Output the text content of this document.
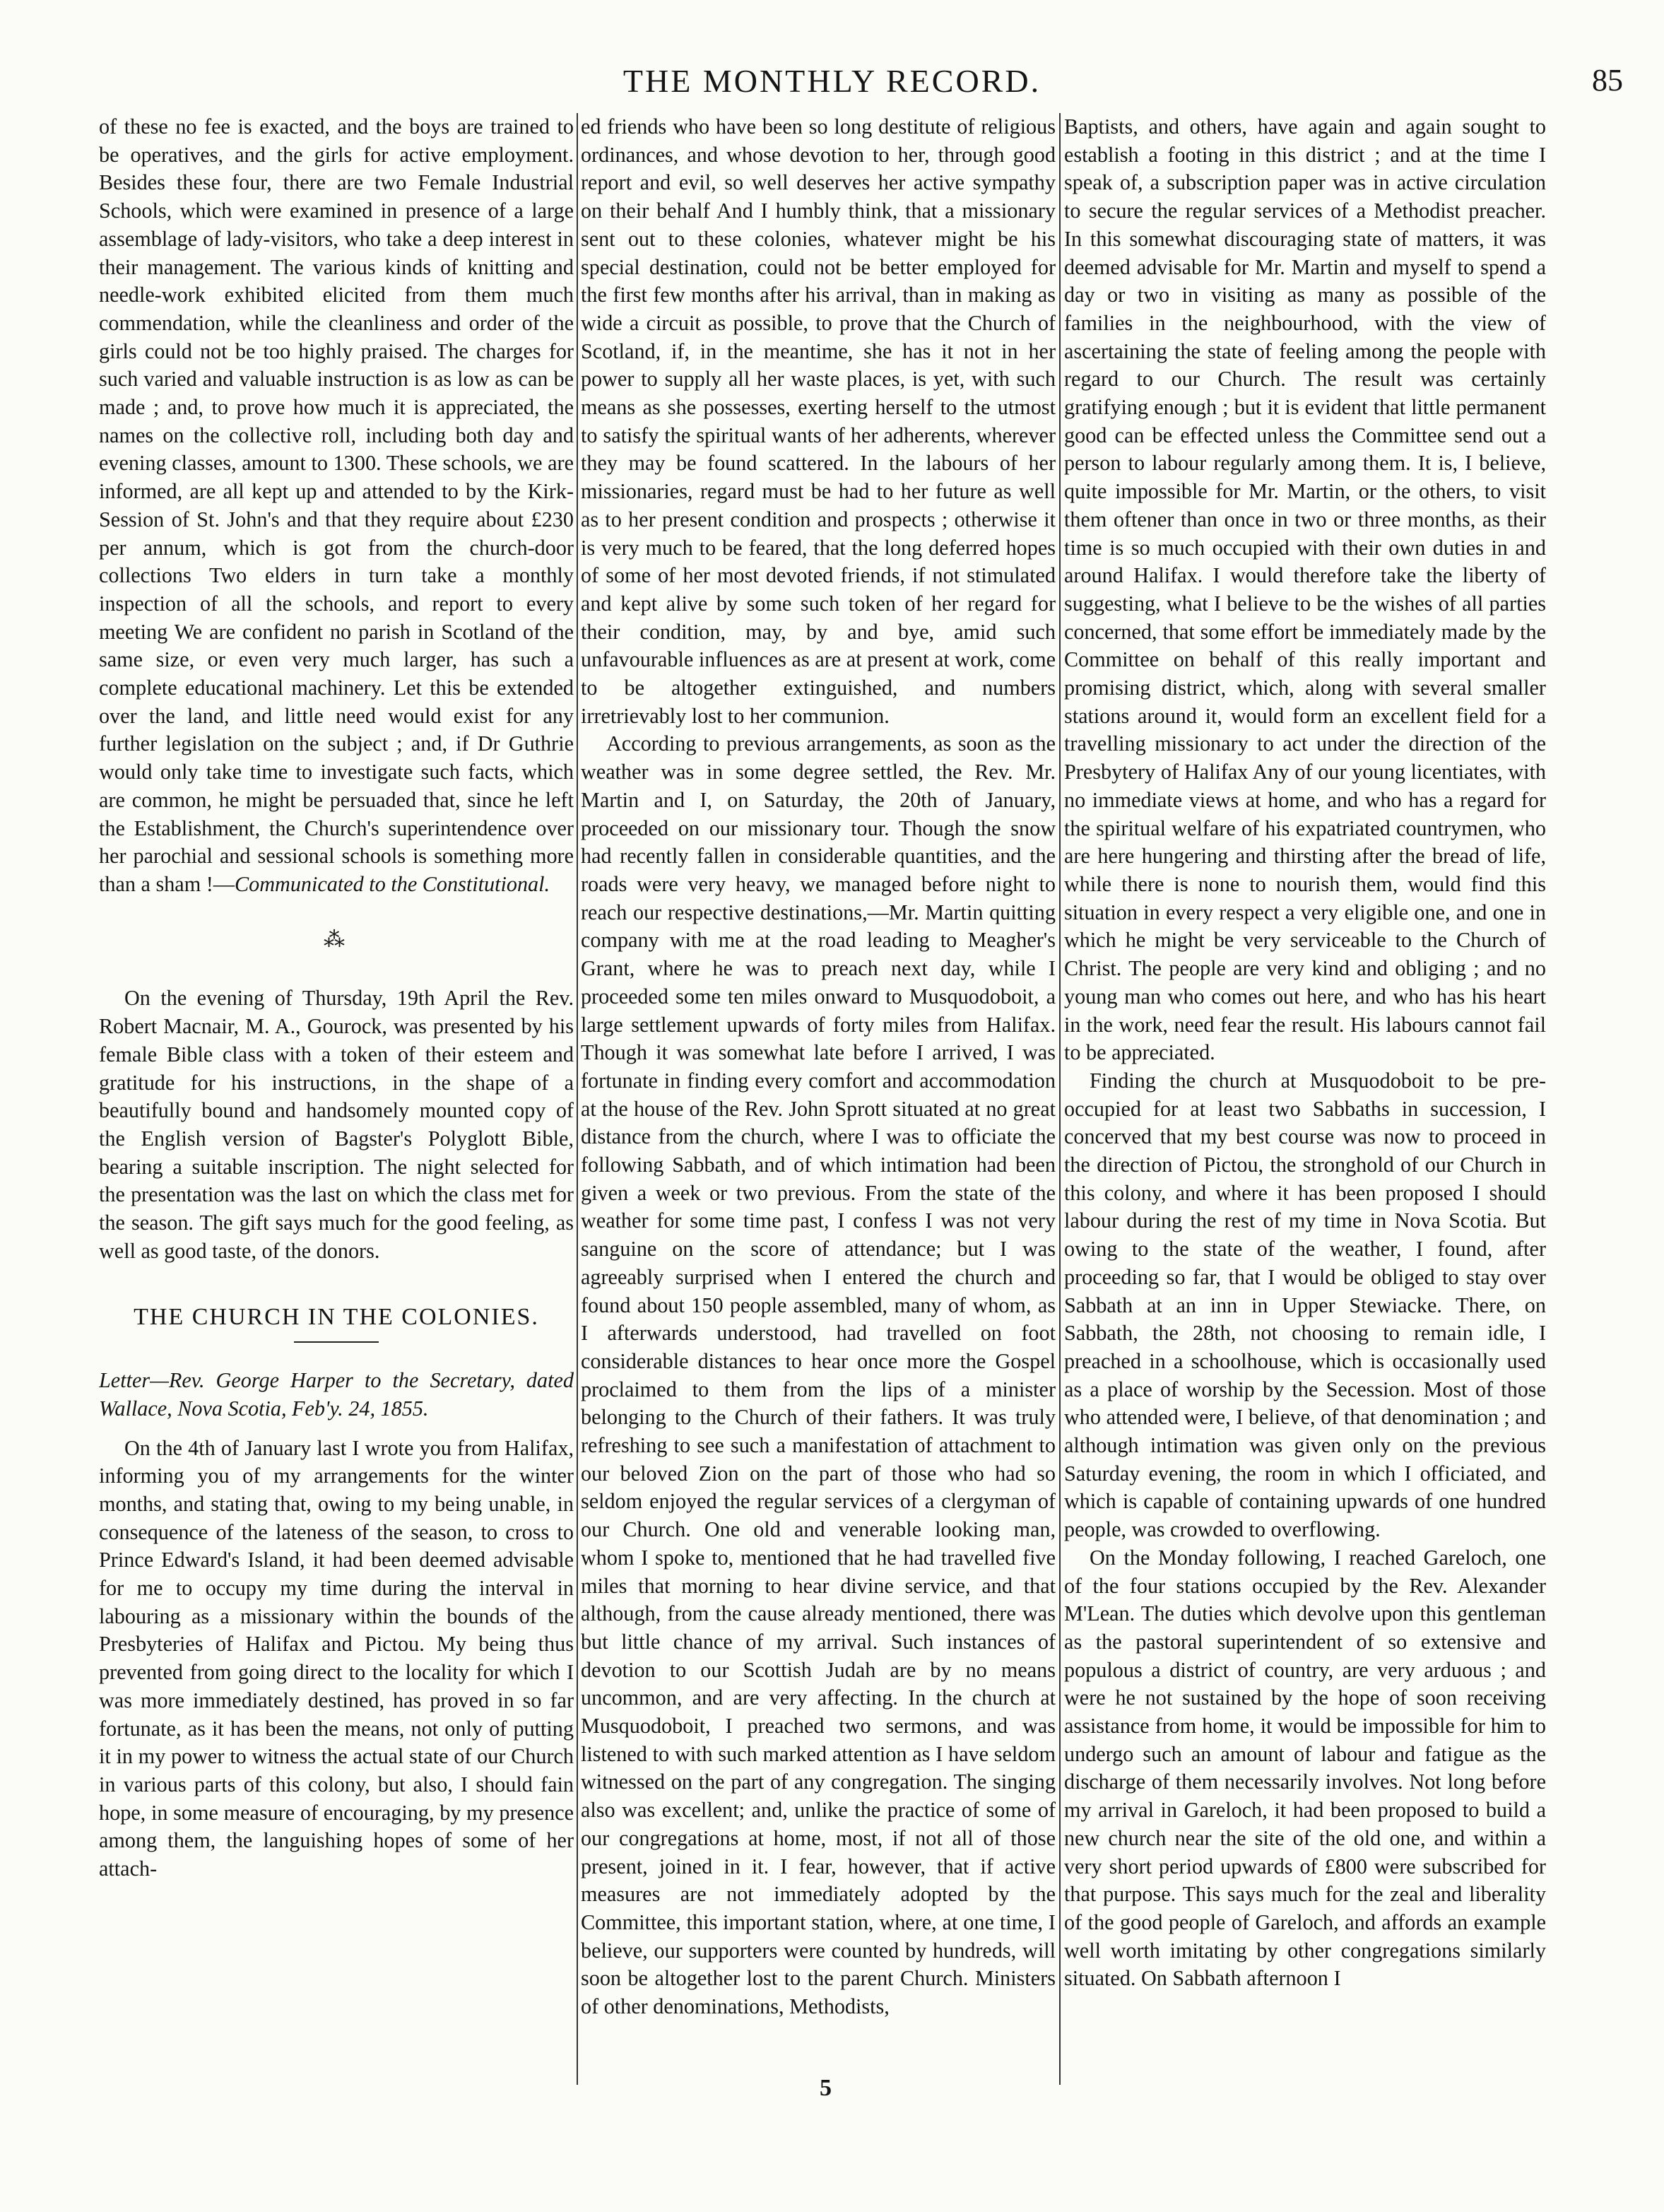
THE MONTHLY RECORD.	85

of these no fee is exacted, and the boys are trained to be operatives, and the girls for active employment. Besides these four, there are two Female Industrial Schools, which were examined in presence of a large assemblage of lady-visitors, who take a deep interest in their management. The various kinds of knitting and needle-work exhibited elicited from them much commendation, while the cleanliness and order of the girls could not be too highly praised. The charges for such varied and valuable instruction is as low as can be made ; and, to prove how much it is appreciated, the names on the collective roll, including both day and evening classes, amount to 1300. These schools, we are informed, are all kept up and attended to by the Kirk-Session of St. John's and that they require about £230 per annum, which is got from the church-door collections Two elders in turn take a monthly inspection of all the schools, and report to every meeting We are confident no parish in Scotland of the same size, or even very much larger, has such a complete educational machinery. Let this be extended over the land, and little need would exist for any further legislation on the subject ; and, if Dr Guthrie would only take time to investigate such facts, which are common, he might be persuaded that, since he left the Establishment, the Church's superintendence over her parochial and sessional schools is something more than a sham !—Communicated to the Constitutional.

⁂

On the evening of Thursday, 19th April the Rev. Robert Macnair, M. A., Gourock, was presented by his female Bible class with a token of their esteem and gratitude for his instructions, in the shape of a beautifully bound and handsomely mounted copy of the English version of Bagster's Polyglott Bible, bearing a suitable inscription. The night selected for the presentation was the last on which the class met for the season. The gift says much for the good feeling, as well as good taste, of the donors.

THE CHURCH IN THE COLONIES.

Letter—Rev. George Harper to the Secretary, dated Wallace, Nova Scotia, Feb'y. 24, 1855.

On the 4th of January last I wrote you from Halifax, informing you of my arrangements for the winter months, and stating that, owing to my being unable, in consequence of the lateness of the season, to cross to Prince Edward's Island, it had been deemed advisable for me to occupy my time during the interval in labouring as a missionary within the bounds of the Presbyteries of Halifax and Pictou. My being thus prevented from going direct to the locality for which I was more immediately destined, has proved in so far fortunate, as it has been the means, not only of putting it in my power to witness the actual state of our Church in various parts of this colony, but also, I should fain hope, in some measure of encouraging, by my presence among them, the languishing hopes of some of her attach-

ed friends who have been so long destitute of religious ordinances, and whose devotion to her, through good report and evil, so well deserves her active sympathy on their behalf And I humbly think, that a missionary sent out to these colonies, whatever might be his special destination, could not be better employed for the first few months after his arrival, than in making as wide a circuit as possible, to prove that the Church of Scotland, if, in the meantime, she has it not in her power to supply all her waste places, is yet, with such means as she possesses, exerting herself to the utmost to satisfy the spiritual wants of her adherents, wherever they may be found scattered. In the labours of her missionaries, regard must be had to her future as well as to her present condition and prospects ; otherwise it is very much to be feared, that the long deferred hopes of some of her most devoted friends, if not stimulated and kept alive by some such token of her regard for their condition, may, by and bye, amid such unfavourable influences as are at present at work, come to be altogether extinguished, and numbers irretrievably lost to her communion.

According to previous arrangements, as soon as the weather was in some degree settled, the Rev. Mr. Martin and I, on Saturday, the 20th of January, proceeded on our missionary tour. Though the snow had recently fallen in considerable quantities, and the roads were very heavy, we managed before night to reach our respective destinations,—Mr. Martin quitting company with me at the road leading to Meagher's Grant, where he was to preach next day, while I proceeded some ten miles onward to Musquodoboit, a large settlement upwards of forty miles from Halifax. Though it was somewhat late before I arrived, I was fortunate in finding every comfort and accommodation at the house of the Rev. John Sprott situated at no great distance from the church, where I was to officiate the following Sabbath, and of which intimation had been given a week or two previous. From the state of the weather for some time past, I confess I was not very sanguine on the score of attendance; but I was agreeably surprised when I entered the church and found about 150 people assembled, many of whom, as I afterwards understood, had travelled on foot considerable distances to hear once more the Gospel proclaimed to them from the lips of a minister belonging to the Church of their fathers. It was truly refreshing to see such a manifestation of attachment to our beloved Zion on the part of those who had so seldom enjoyed the regular services of a clergyman of our Church. One old and venerable looking man, whom I spoke to, mentioned that he had travelled five miles that morning to hear divine service, and that although, from the cause already mentioned, there was but little chance of my arrival. Such instances of devotion to our Scottish Judah are by no means uncommon, and are very affecting. In the church at Musquodoboit, I preached two sermons, and was listened to with such marked attention as I have seldom witnessed on the part of any congregation. The singing also was excellent; and, unlike the practice of some of our congregations at home, most, if not all of those present, joined in it. I fear, however, that if active measures are not immediately adopted by the Committee, this important station, where, at one time, I believe, our supporters were counted by hundreds, will soon be altogether lost to the parent Church. Ministers of other denominations, Methodists,

Baptists, and others, have again and again sought to establish a footing in this district ; and at the time I speak of, a subscription paper was in active circulation to secure the regular services of a Methodist preacher. In this somewhat discouraging state of matters, it was deemed advisable for Mr. Martin and myself to spend a day or two in visiting as many as possible of the families in the neighbourhood, with the view of ascertaining the state of feeling among the people with regard to our Church. The result was certainly gratifying enough ; but it is evident that little permanent good can be effected unless the Committee send out a person to labour regularly among them. It is, I believe, quite impossible for Mr. Martin, or the others, to visit them oftener than once in two or three months, as their time is so much occupied with their own duties in and around Halifax. I would therefore take the liberty of suggesting, what I believe to be the wishes of all parties concerned, that some effort be immediately made by the Committee on behalf of this really important and promising district, which, along with several smaller stations around it, would form an excellent field for a travelling missionary to act under the direction of the Presbytery of Halifax Any of our young licentiates, with no immediate views at home, and who has a regard for the spiritual welfare of his expatriated countrymen, who are here hungering and thirsting after the bread of life, while there is none to nourish them, would find this situation in every respect a very eligible one, and one in which he might be very serviceable to the Church of Christ. The people are very kind and obliging ; and no young man who comes out here, and who has his heart in the work, need fear the result. His labours cannot fail to be appreciated.

Finding the church at Musquodoboit to be pre-occupied for at least two Sabbaths in succession, I concerved that my best course was now to proceed in the direction of Pictou, the stronghold of our Church in this colony, and where it has been proposed I should labour during the rest of my time in Nova Scotia. But owing to the state of the weather, I found, after proceeding so far, that I would be obliged to stay over Sabbath at an inn in Upper Stewiacke. There, on Sabbath, the 28th, not choosing to remain idle, I preached in a schoolhouse, which is occasionally used as a place of worship by the Secession. Most of those who attended were, I believe, of that denomination ; and although intimation was given only on the previous Saturday evening, the room in which I officiated, and which is capable of containing upwards of one hundred people, was crowded to overflowing.

On the Monday following, I reached Gareloch, one of the four stations occupied by the Rev. Alexander M'Lean. The duties which devolve upon this gentleman as the pastoral superintendent of so extensive and populous a district of country, are very arduous ; and were he not sustained by the hope of soon receiving assistance from home, it would be impossible for him to undergo such an amount of labour and fatigue as the discharge of them necessarily involves. Not long before my arrival in Gareloch, it had been proposed to build a new church near the site of the old one, and within a very short period upwards of £800 were subscribed for that purpose. This says much for the zeal and liberality of the good people of Gareloch, and affords an example well worth imitating by other congregations similarly situated. On Sabbath afternoon I

5
